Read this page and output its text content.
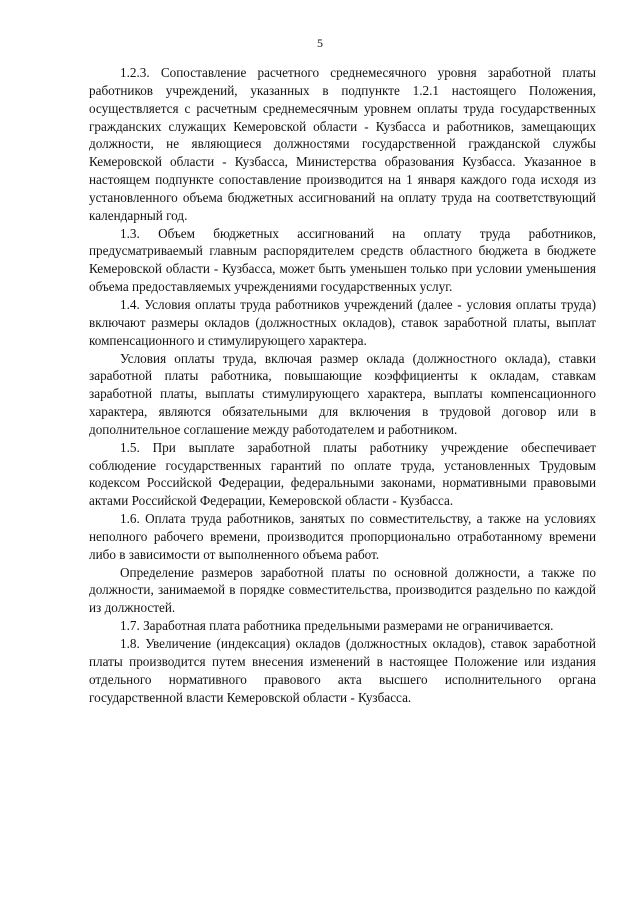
5

1.2.3. Сопоставление расчетного среднемесячного уровня заработной платы работников учреждений, указанных в подпункте 1.2.1 настоящего Положения, осуществляется с расчетным среднемесячным уровнем оплаты труда государственных гражданских служащих Кемеровской области - Кузбасса и работников, замещающих должности, не являющиеся должностями государственной гражданской службы Кемеровской области - Кузбасса, Министерства образования Кузбасса. Указанное в настоящем подпункте сопоставление производится на 1 января каждого года исходя из установленного объема бюджетных ассигнований на оплату труда на соответствующий календарный год.

1.3. Объем бюджетных ассигнований на оплату труда работников, предусматриваемый главным распорядителем средств областного бюджета в бюджете Кемеровской области - Кузбасса, может быть уменьшен только при условии уменьшения объема предоставляемых учреждениями государственных услуг.

1.4. Условия оплаты труда работников учреждений (далее - условия оплаты труда) включают размеры окладов (должностных окладов), ставок заработной платы, выплат компенсационного и стимулирующего характера.

Условия оплаты труда, включая размер оклада (должностного оклада), ставки заработной платы работника, повышающие коэффициенты к окладам, ставкам заработной платы, выплаты стимулирующего характера, выплаты компенсационного характера, являются обязательными для включения в трудовой договор или в дополнительное соглашение между работодателем и работником.

1.5. При выплате заработной платы работнику учреждение обеспечивает соблюдение государственных гарантий по оплате труда, установленных Трудовым кодексом Российской Федерации, федеральными законами, нормативными правовыми актами Российской Федерации, Кемеровской области - Кузбасса.

1.6. Оплата труда работников, занятых по совместительству, а также на условиях неполного рабочего времени, производится пропорционально отработанному времени либо в зависимости от выполненного объема работ.

Определение размеров заработной платы по основной должности, а также по должности, занимаемой в порядке совместительства, производится раздельно по каждой из должностей.

1.7. Заработная плата работника предельными размерами не ограничивается.

1.8. Увеличение (индексация) окладов (должностных окладов), ставок заработной платы производится путем внесения изменений в настоящее Положение или издания отдельного нормативного правового акта высшего исполнительного органа государственной власти Кемеровской области - Кузбасса.
